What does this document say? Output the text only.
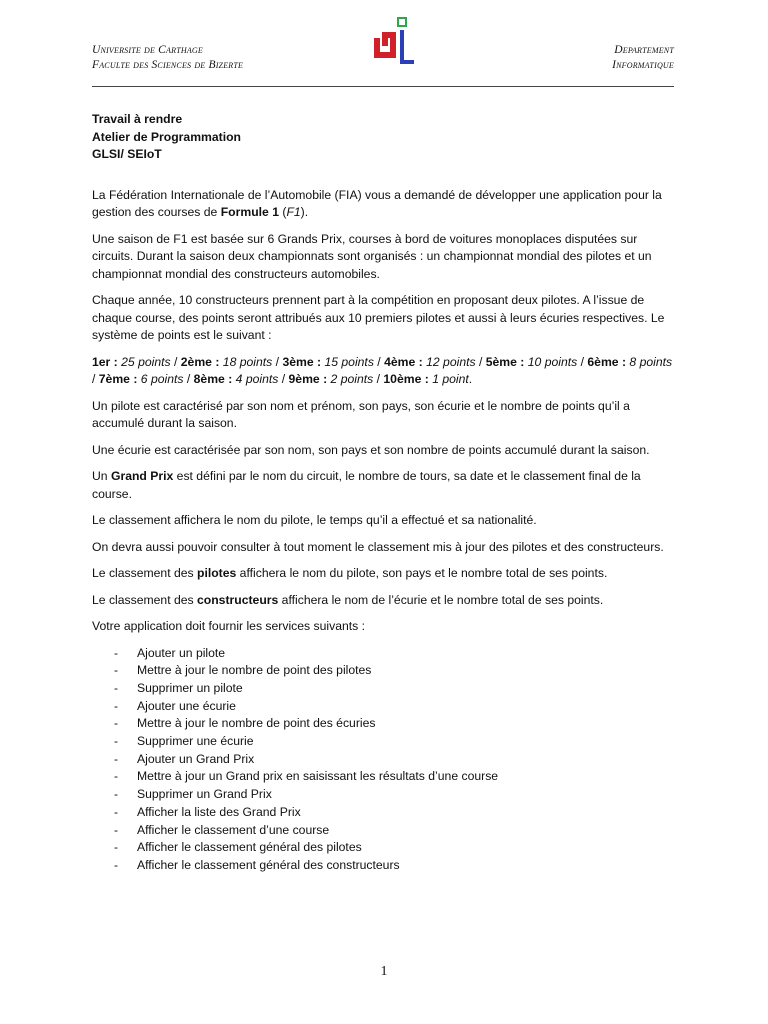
Universite de Carthage
Faculte des Sciences de Bizerte
Departement
Informatique
Travail à rendre
Atelier de Programmation
GLSI/ SEIoT

La Fédération Internationale de l’Automobile (FIA) vous a demandé de développer une application pour la gestion des courses de Formule 1 (F1).

Une saison de F1 est basée sur 6 Grands Prix, courses à bord de voitures monoplaces disputées sur circuits. Durant la saison deux championnats sont organisés : un championnat mondial des pilotes et un championnat mondial des constructeurs automobiles.

Chaque année, 10 constructeurs prennent part à la compétition en proposant deux pilotes. A l’issue de chaque course, des points seront attribués aux 10 premiers pilotes et aussi à leurs écuries respectives. Le système de points est le suivant :

1er : 25 points / 2ème : 18 points / 3ème : 15 points / 4ème : 12 points / 5ème : 10 points / 6ème : 8 points / 7ème : 6 points / 8ème : 4 points / 9ème : 2 points / 10ème : 1 point.

Un pilote est caractérisé par son nom et prénom, son pays, son écurie et le nombre de points qu’il a accumulé durant la saison.

Une écurie est caractérisée par son nom, son pays et son nombre de points accumulé durant la saison.

Un Grand Prix est défini par le nom du circuit, le nombre de tours, sa date et le classement final de la course.

Le classement affichera le nom du pilote, le temps qu’il a effectué et sa nationalité.

On devra aussi pouvoir consulter à tout moment le classement mis à jour des pilotes et des constructeurs.

Le classement des pilotes affichera le nom du pilote, son pays et le nombre total de ses points.

Le classement des constructeurs affichera le nom de l’écurie et le nombre total de ses points.

Votre application doit fournir les services suivants :

- Ajouter un pilote
- Mettre à jour le nombre de point des pilotes
- Supprimer un pilote
- Ajouter une écurie
- Mettre à jour le nombre de point des écuries
- Supprimer une écurie
- Ajouter un Grand Prix
- Mettre à jour un Grand prix en saisissant les résultats d’une course
- Supprimer un Grand Prix
- Afficher la liste des Grand Prix
- Afficher le classement d’une course
- Afficher le classement général des pilotes
- Afficher le classement général des constructeurs
1
